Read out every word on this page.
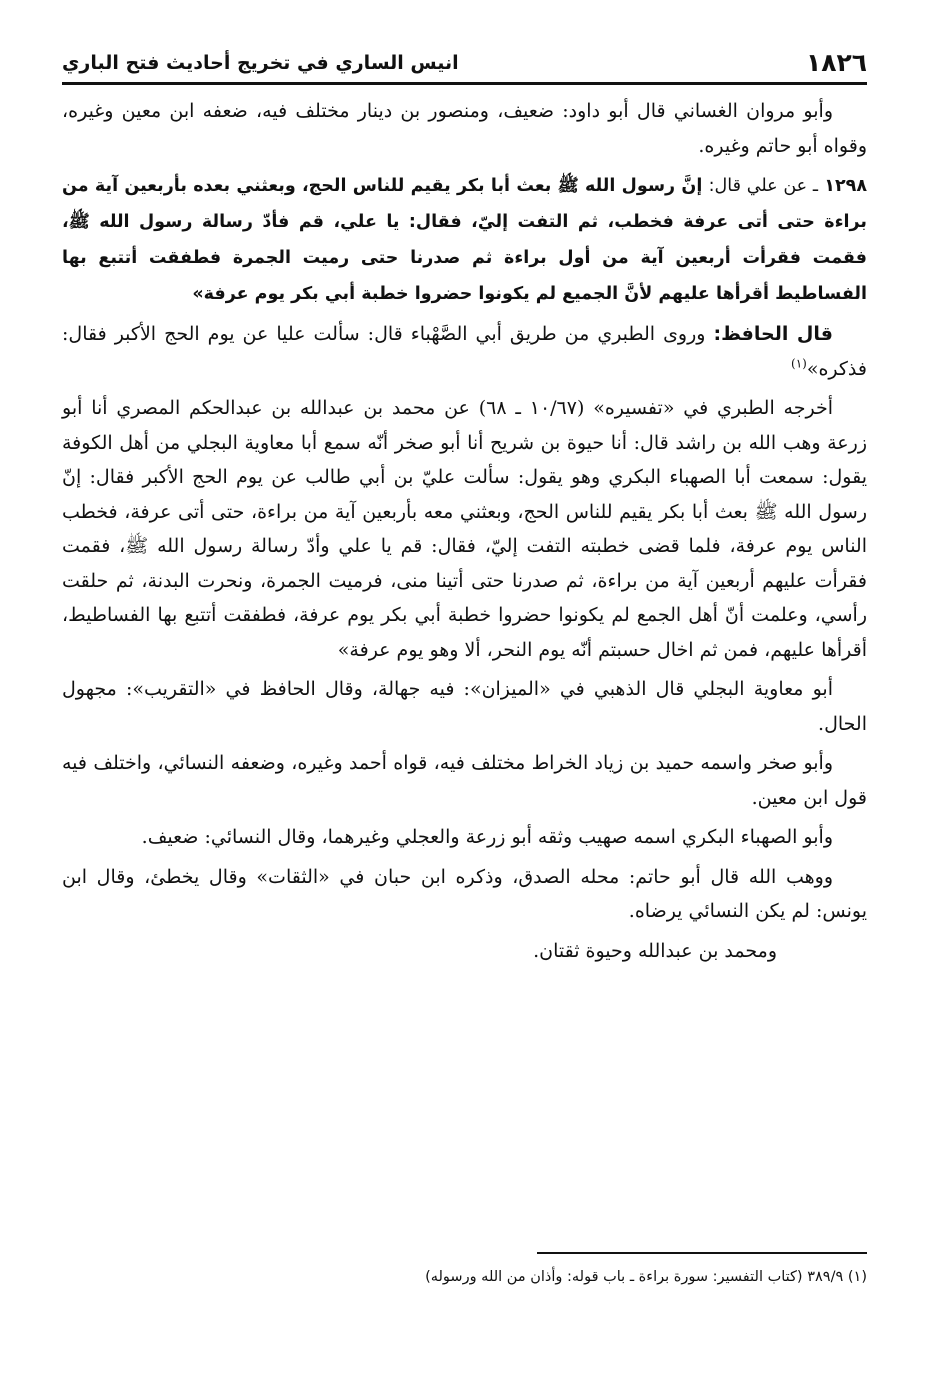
١٨٢٦
انيس الساري في تخريج أحاديث فتح الباري

وأبو مروان الغساني قال أبو داود: ضعيف، ومنصور بن دينار مختلف فيه، ضعفه ابن معين وغيره، وقواه أبو حاتم وغيره.

١٢٩٨ ـ عن علي قال: إنَّ رسول الله ﷺ بعث أبا بكر يقيم للناس الحج، وبعثني بعده بأربعين آية من براءة حتى أتى عرفة فخطب، ثم التفت إليّ، فقال: يا علي، قم فأدّ رسالة رسول الله ﷺ، فقمت فقرأت أربعين آية من أول براءة ثم صدرنا حتى رميت الجمرة فطفقت أتتبع بها الفساطيط أقرأها عليهم لأنَّ الجميع لم يكونوا حضروا خطبة أبي بكر يوم عرفة»

قال الحافظ: وروى الطبري من طريق أبي الصَّهْباء قال: سألت عليا عن يوم الحج الأكبر فقال: فذكره»$^{(١)}$

أخرجه الطبري في «تفسيره» (١٠/٦٧ ـ ٦٨) عن محمد بن عبدالله بن عبدالحكم المصري أنا أبو زرعة وهب الله بن راشد قال: أنا حيوة بن شريح أنا أبو صخر أنّه سمع أبا معاوية البجلي من أهل الكوفة يقول: سمعت أبا الصهباء البكري وهو يقول: سألت عليّ بن أبي طالب عن يوم الحج الأكبر فقال: إنّ رسول الله ﷺ بعث أبا بكر يقيم للناس الحج، وبعثني معه بأربعين آية من براءة، حتى أتى عرفة، فخطب الناس يوم عرفة، فلما قضى خطبته التفت إليّ، فقال: قم يا علي وأدّ رسالة رسول الله ﷺ، فقمت فقرأت عليهم أربعين آية من براءة، ثم صدرنا حتى أتينا منى، فرميت الجمرة، ونحرت البدنة، ثم حلقت رأسي، وعلمت أنّ أهل الجمع لم يكونوا حضروا خطبة أبي بكر يوم عرفة، فطفقت أتتبع بها الفساطيط، أقرأها عليهم، فمن ثم اخال حسبتم أنّه يوم النحر، ألا وهو يوم عرفة»

أبو معاوية البجلي قال الذهبي في «الميزان»: فيه جهالة، وقال الحافظ في «التقريب»: مجهول الحال.

وأبو صخر واسمه حميد بن زياد الخراط مختلف فيه، قواه أحمد وغيره، وضعفه النسائي، واختلف فيه قول ابن معين.

وأبو الصهباء البكري اسمه صهيب وثقه أبو زرعة والعجلي وغيرهما، وقال النسائي: ضعيف.

ووهب الله قال أبو حاتم: محله الصدق، وذكره ابن حبان في «الثقات» وقال يخطئ، وقال ابن يونس: لم يكن النسائي يرضاه.

ومحمد بن عبدالله وحيوة ثقتان.

(١) ٣٨٩/٩ (كتاب التفسير: سورة براءة ـ باب قوله: وأذان من الله ورسوله)
